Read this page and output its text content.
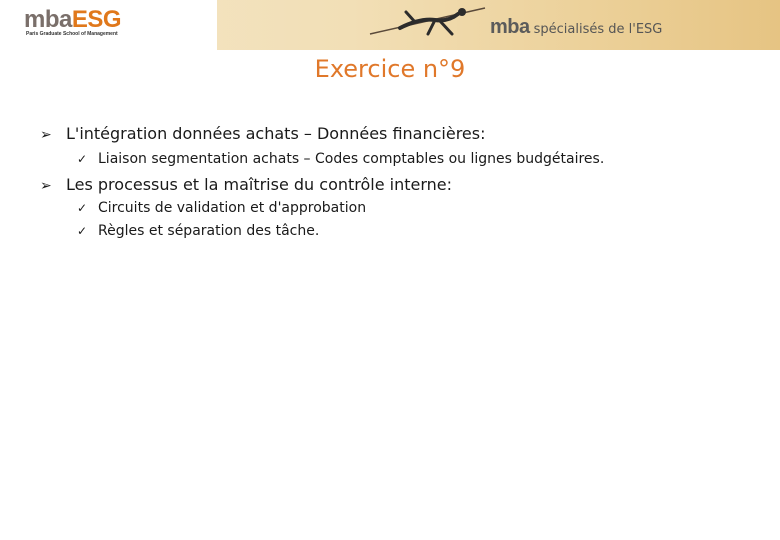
mbaESG
Paris Graduate School of Management	mba spécialisés de l'ESG
Exercice n°9
➢ L'intégration données achats – Données financières:
✓ Liaison segmentation achats – Codes comptables ou lignes budgétaires.
➢ Les processus et la maîtrise du contrôle interne:
✓ Circuits de validation et d'approbation
✓ Règles et séparation des tâche.
